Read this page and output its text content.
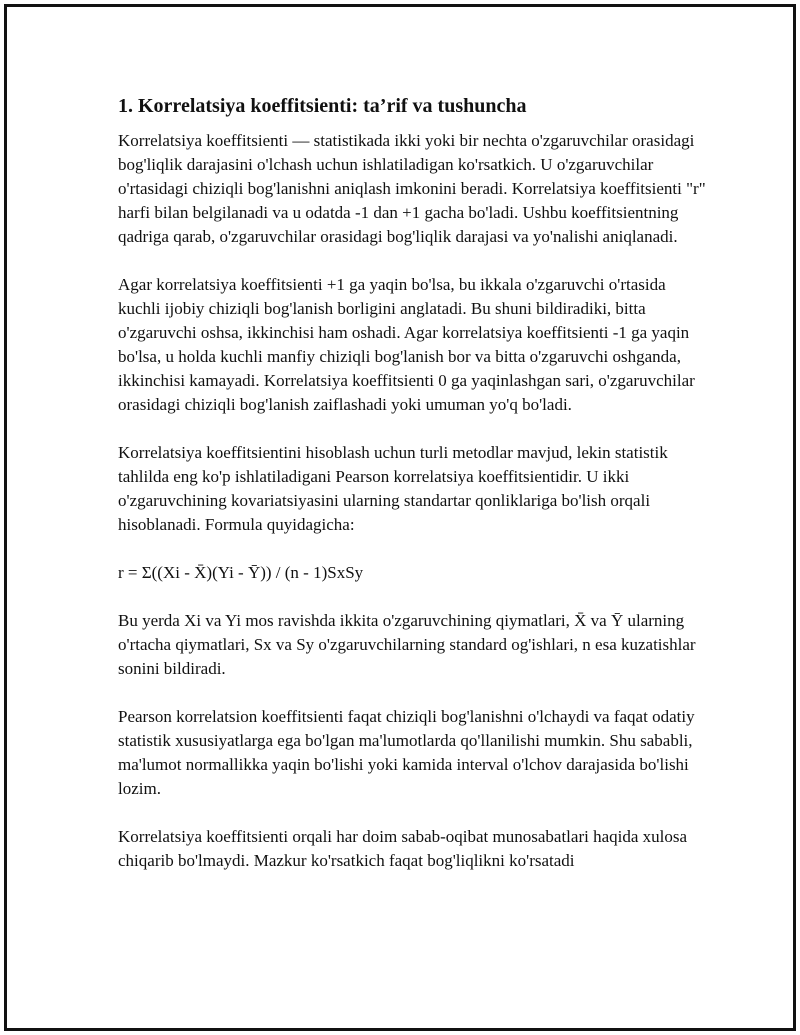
1. Korrelatsiya koeffitsienti: ta’rif va tushuncha

Korrelatsiya koeffitsienti — statistikada ikki yoki bir nechta o'zgaruvchilar orasidagi bog'liqlik darajasini o'lchash uchun ishlatiladigan ko'rsatkich. U o'zgaruvchilar o'rtasidagi chiziqli bog'lanishni aniqlash imkonini beradi. Korrelatsiya koeffitsienti "r" harfi bilan belgilanadi va u odatda -1 dan +1 gacha bo'ladi. Ushbu koeffitsientning qadriga qarab, o'zgaruvchilar orasidagi bog'liqlik darajasi va yo'nalishi aniqlanadi.

Agar korrelatsiya koeffitsienti +1 ga yaqin bo'lsa, bu ikkala o'zgaruvchi o'rtasida kuchli ijobiy chiziqli bog'lanish borligini anglatadi. Bu shuni bildiradiki, bitta o'zgaruvchi oshsa, ikkinchisi ham oshadi. Agar korrelatsiya koeffitsienti -1 ga yaqin bo'lsa, u holda kuchli manfiy chiziqli bog'lanish bor va bitta o'zgaruvchi oshganda, ikkinchisi kamayadi. Korrelatsiya koeffitsienti 0 ga yaqinlashgan sari, o'zgaruvchilar orasidagi chiziqli bog'lanish zaiflashadi yoki umuman yo'q bo'ladi.

Korrelatsiya koeffitsientini hisoblash uchun turli metodlar mavjud, lekin statistik tahlilda eng ko'p ishlatiladigani Pearson korrelatsiya koeffitsientidir. U ikki o'zgaruvchining kovariatsiyasini ularning standartar qonliklariga bo'lish orqali hisoblanadi. Formula quyidagicha:

r = Σ((Xi - X̄)(Yi - Ȳ)) / (n - 1)SxSy

Bu yerda Xi va Yi mos ravishda ikkita o'zgaruvchining qiymatlari, X̄ va Ȳ ularning o'rtacha qiymatlari, Sx va Sy o'zgaruvchilarning standard og'ishlari, n esa kuzatishlar sonini bildiradi.

Pearson korrelatsion koeffitsienti faqat chiziqli bog'lanishni o'lchaydi va faqat odatiy statistik xususiyatlarga ega bo'lgan ma'lumotlarda qo'llanilishi mumkin. Shu sababli, ma'lumot normallikka yaqin bo'lishi yoki kamida interval o'lchov darajasida bo'lishi lozim.

Korrelatsiya koeffitsienti orqali har doim sabab-oqibat munosabatlari haqida xulosa chiqarib bo'lmaydi. Mazkur ko'rsatkich faqat bog'liqlikni ko'rsatadi
